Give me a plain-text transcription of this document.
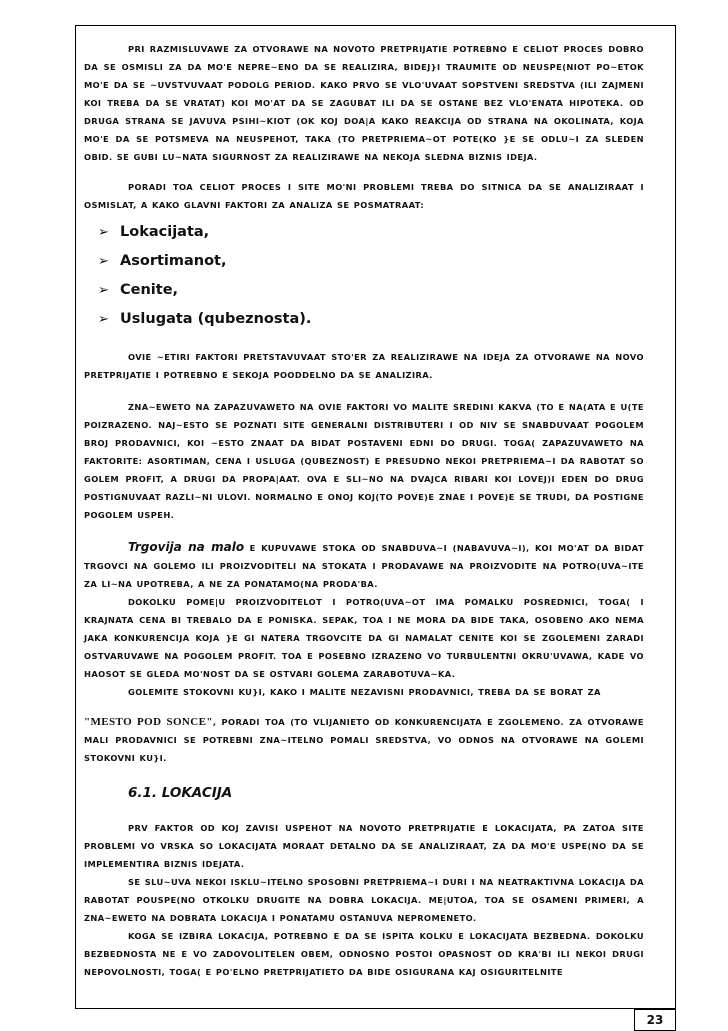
PRI RAZMISLUVAWE ZA OTVORAWE NA NOVOTO PRETPRIJATIE POTREBNO E CELIOT PROCES DOBRO DA SE OSMISLI ZA DA MO'E NEPRE~ENO DA SE REALIZIRA, BIDEJ}I TRAUMITE OD NEUSPE(NIOT PO~ETOK MO'E DA SE ~UVSTVUVAAT PODOLG PERIOD. KAKO PRVO SE VLO'UVAAT SOPSTVENI SREDSTVA (ILI ZAJMENI KOI TREBA DA SE VRATAT) KOI MO'AT DA SE ZAGUBAT ILI DA SE OSTANE BEZ VLO'ENATA HIPOTEKA. OD DRUGA STRANA SE JAVUVA PSIHI~KIOT (OK KOJ DOA|A KAKO REAKCIJA OD STRANA NA OKOLINATA, KOJA MO'E DA SE POTSMEVA NA NEUSPEHOT, TAKA (TO PRETPRIEMA~OT POTE(KO }E SE ODLU~I ZA SLEDEN OBID. SE GUBI LU~NATA SIGURNOST ZA REALIZIRAWE NA NEKOJA SLEDNA BIZNIS IDEJA.

PORADI TOA CELIOT PROCES I SITE MO'NI PROBLEMI TREBA DO SITNICA DA SE ANALIZIRAAT I OSMISLAT, A KAKO GLAVNI FAKTORI ZA ANALIZA SE POSMATRAAT:

➢ Lokacijata,
➢ Asortimanot,
➢ Cenite,
➢ Uslugata (qubeznosta).

OVIE ~ETIRI FAKTORI PRETSTAVUVAAT STO'ER ZA REALIZIRAWE NA IDEJA ZA OTVORAWE NA NOVO PRETPRIJATIE I POTREBNO E SEKOJA POODDELNO DA SE ANALIZIRA.

ZNA~EWETO NA ZAPAZUVAWETO NA OVIE FAKTORI VO MALITE SREDINI KAKVA (TO E NA(ATA E U(TE POIZRAZENO. NAJ~ESTO SE POZNATI SITE GENERALNI DISTRIBUTERI I OD NIV SE SNABDUVAAT POGOLEM BROJ PRODAVNICI, KOI ~ESTO ZNAAT DA BIDAT POSTAVENI EDNI DO DRUGI. TOGA( ZAPAZUVAWETO NA FAKTORITE: ASORTIMAN, CENA I USLUGA (QUBEZNOST) E PRESUDNO NEKOI PRETPRIEMA~I DA RABOTAT SO GOLEM PROFIT, A DRUGI DA PROPA|AAT. OVA E SLI~NO NA DVAJCA RIBARI KOI LOVEJ)I EDEN DO DRUG POSTIGNUVAAT RAZLI~NI ULOVI. NORMALNO E ONOJ KOJ(TO POVE)E ZNAE I POVE)E SE TRUDI, DA POSTIGNE POGOLEM USPEH.

Trgovija na malo E KUPUVAWE STOKA OD SNABDUVA~I (NABAVUVA~I), KOI MO'AT DA BIDAT TRGOVCI NA GOLEMO ILI PROIZVODITELI NA STOKATA I PRODAVAWE NA PROIZVODITE NA POTRO(UVA~ITE ZA LI~NA UPOTREBA, A NE ZA PONATAMO(NA PRODA'BA.

DOKOLKU POME|U PROIZVODITELOT I POTRO(UVA~OT IMA POMALKU POSREDNICI, TOGA( I KRAJNATA CENA BI TREBALO DA E PONISKA. SEPAK, TOA I NE MORA DA BIDE TAKA, OSOBENO AKO NEMA JAKA KONKURENCIJA KOJA }E GI NATERA TRGOVCITE DA GI NAMALAT CENITE KOI SE ZGOLEMENI ZARADI OSTVARUVAWE NA POGOLEM PROFIT. TOA E POSEBNO IZRAZENO VO TURBULENTNI OKRU'UVAWA, KADE VO HAOSOT SE GLEDA MO'NOST DA SE OSTVARI GOLEMA ZARABOTUVA~KA.

GOLEMITE STOKOVNI KU}I, KAKO I MALITE NEZAVISNI PRODAVNICI, TREBA DA SE BORAT ZA

"MESTO POD SONCE", PORADI TOA (TO VLIJANIETO OD KONKURENCIJATA E ZGOLEMENO. ZA OTVORAWE MALI PRODAVNICI SE POTREBNI ZNA~ITELNO POMALI SREDSTVA, VO ODNOS NA OTVORAWE NA GOLEMI STOKOVNI KU}I.

6.1. LOKACIJA

PRV FAKTOR OD KOJ ZAVISI USPEHOT NA NOVOTO PRETPRIJATIE E LOKACIJATA, PA ZATOA SITE PROBLEMI VO VRSKA SO LOKACIJATA MORAAT DETALNO DA SE ANALIZIRAAT, ZA DA MO'E USPE(NO DA SE IMPLEMENTIRA BIZNIS IDEJATA.

SE SLU~UVA NEKOI ISKLU~ITELNO SPOSOBNI PRETPRIEMA~I DURI I NA NEATRAKTIVNA LOKACIJA DA RABOTAT POUSPE(NO OTKOLKU DRUGITE NA DOBRA LOKACIJA. ME|UTOA, TOA SE OSAMENI PRIMERI, A ZNA~EWETO NA DOBRATA LOKACIJA I PONATAMU OSTANUVA NEPROMENETO.

KOGA SE IZBIRA LOKACIJA, POTREBNO E DA SE ISPITA KOLKU E LOKACIJATA BEZBEDNA. DOKOLKU BEZBEDNOSTA NE E VO ZADOVOLITELEN OBEM, ODNOSNO POSTOI OPASNOST OD KRA'BI ILI NEKOI DRUGI NEPOVOLNOSTI, TOGA( E PO'ELNO PRETPRIJATIETO DA BIDE OSIGURANA KAJ OSIGURITELNITE

23
